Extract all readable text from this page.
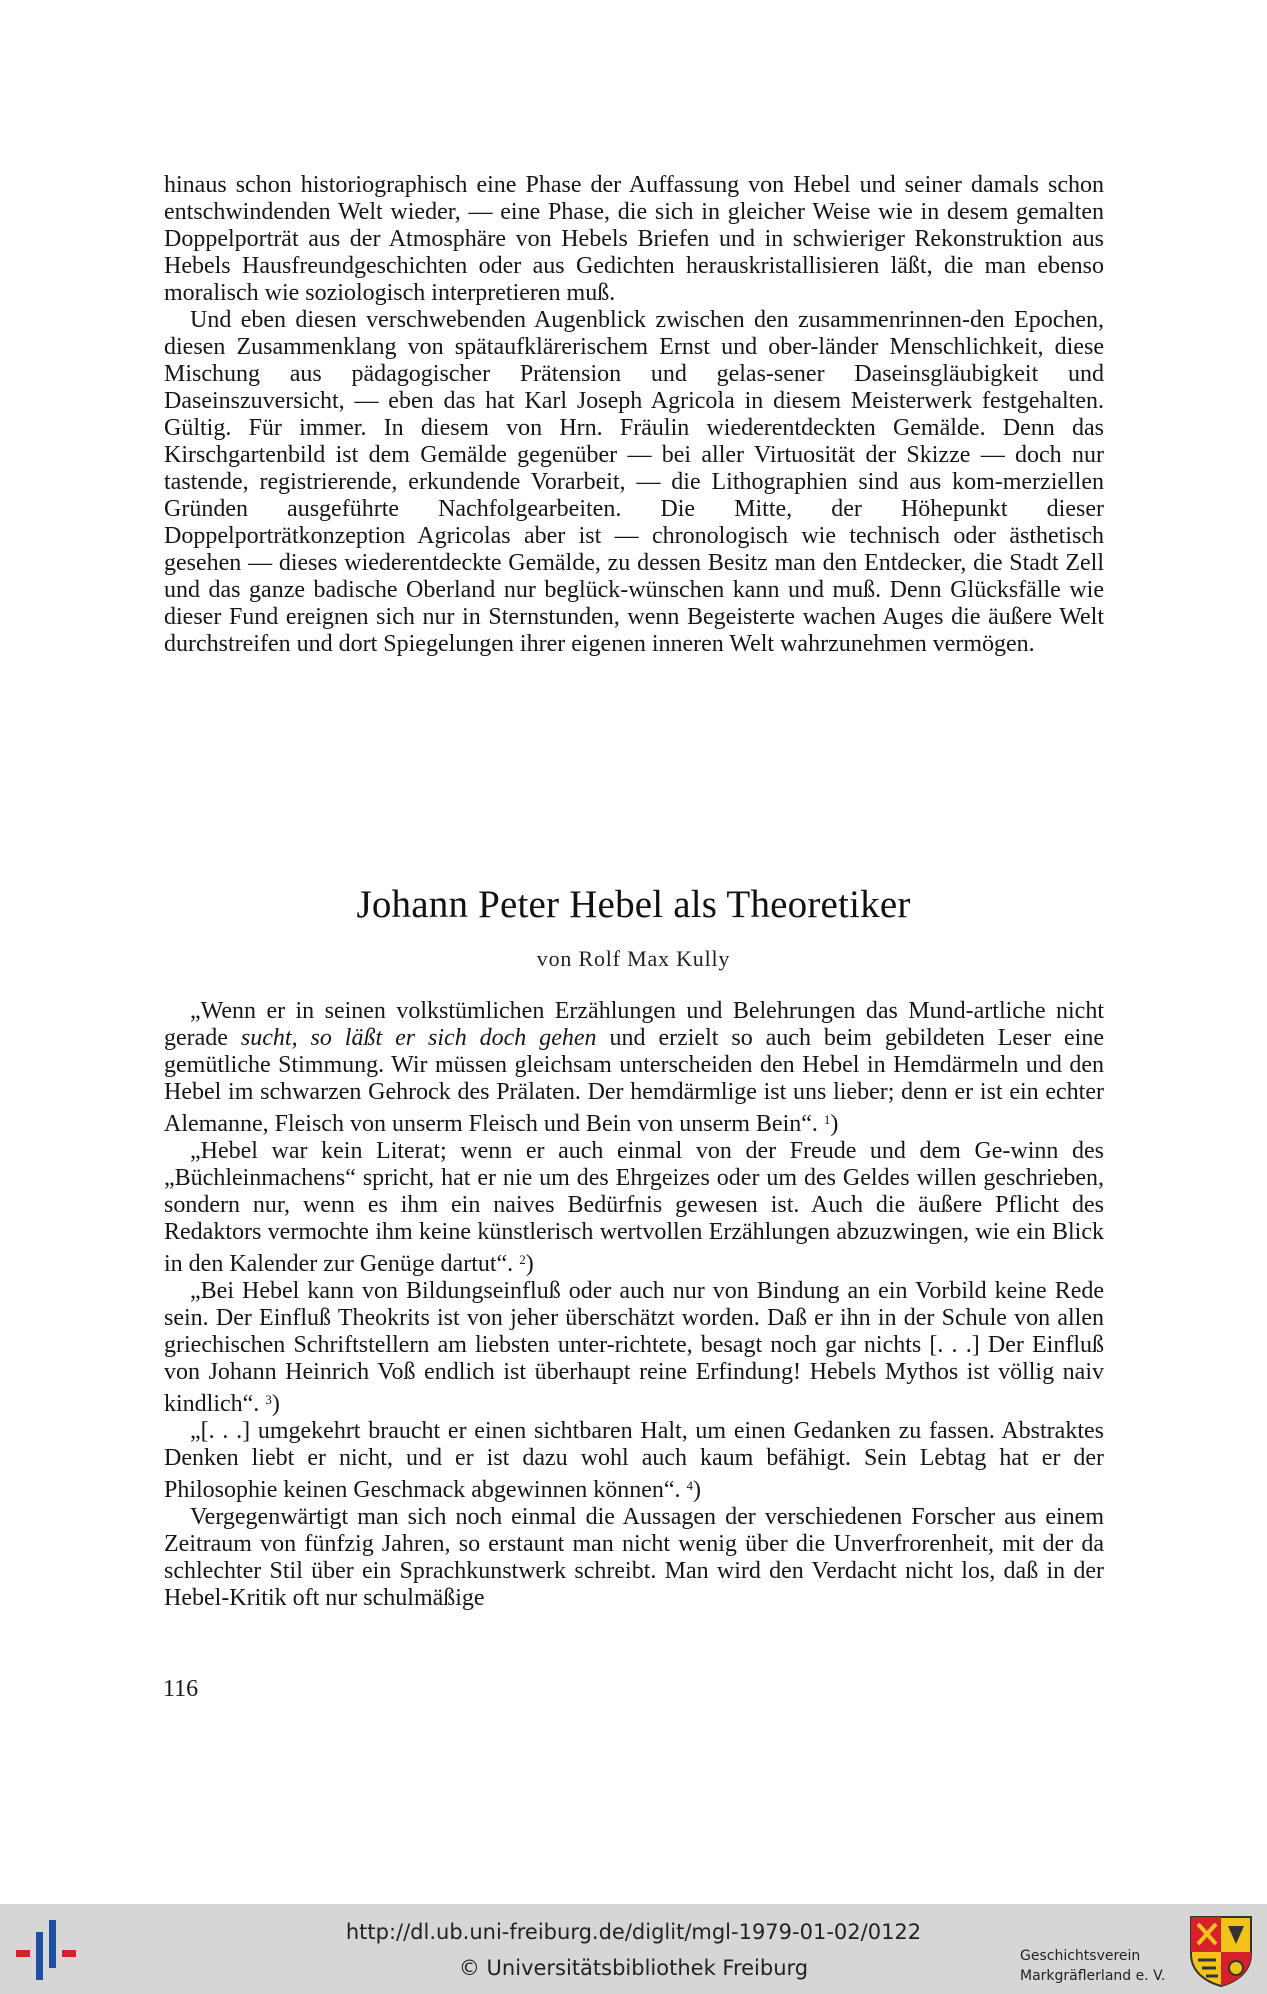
hinaus schon historiographisch eine Phase der Auffassung von Hebel und seiner damals schon entschwindenden Welt wieder, — eine Phase, die sich in gleicher Weise wie in desem gemalten Doppelporträt aus der Atmosphäre von Hebels Briefen und in schwieriger Rekonstruktion aus Hebels Hausfreundgeschichten oder aus Gedichten herauskristallisieren läßt, die man ebenso moralisch wie soziologisch interpretieren muß.

Und eben diesen verschwebenden Augenblick zwischen den zusammenrinnen-den Epochen, diesen Zusammenklang von spätaufklärerischem Ernst und ober-länder Menschlichkeit, diese Mischung aus pädagogischer Prätension und gelas-sener Daseinsgläubigkeit und Daseinszuversicht, — eben das hat Karl Joseph Agricola in diesem Meisterwerk festgehalten. Gültig. Für immer. In diesem von Hrn. Fräulin wiederentdeckten Gemälde. Denn das Kirschgartenbild ist dem Gemälde gegenüber — bei aller Virtuosität der Skizze — doch nur tastende, registrierende, erkundende Vorarbeit, — die Lithographien sind aus kom-merziellen Gründen ausgeführte Nachfolgearbeiten. Die Mitte, der Höhepunkt dieser Doppelporträtkonzeption Agricolas aber ist — chronologisch wie technisch oder ästhetisch gesehen — dieses wiederentdeckte Gemälde, zu dessen Besitz man den Entdecker, die Stadt Zell und das ganze badische Oberland nur beglück-wünschen kann und muß. Denn Glücksfälle wie dieser Fund ereignen sich nur in Sternstunden, wenn Begeisterte wachen Auges die äußere Welt durchstreifen und dort Spiegelungen ihrer eigenen inneren Welt wahrzunehmen vermögen.

Johann Peter Hebel als Theoretiker
von Rolf Max Kully

„Wenn er in seinen volkstümlichen Erzählungen und Belehrungen das Mund-artliche nicht gerade sucht, so läßt er sich doch gehen und erzielt so auch beim gebildeten Leser eine gemütliche Stimmung. Wir müssen gleichsam unterscheiden den Hebel in Hemdärmeln und den Hebel im schwarzen Gehrock des Prälaten. Der hemdärmlige ist uns lieber; denn er ist ein echter Alemanne, Fleisch von unserm Fleisch und Bein von unserm Bein“. $^1$)

„Hebel war kein Literat; wenn er auch einmal von der Freude und dem Ge-winn des „Büchleinmachens“ spricht, hat er nie um des Ehrgeizes oder um des Geldes willen geschrieben, sondern nur, wenn es ihm ein naives Bedürfnis gewesen ist. Auch die äußere Pflicht des Redaktors vermochte ihm keine künstlerisch wertvollen Erzählungen abzuzwingen, wie ein Blick in den Kalender zur Genüge dartut“. $^2$)

„Bei Hebel kann von Bildungseinfluß oder auch nur von Bindung an ein Vorbild keine Rede sein. Der Einfluß Theokrits ist von jeher überschätzt worden. Daß er ihn in der Schule von allen griechischen Schriftstellern am liebsten unter-richtete, besagt noch gar nichts [. . .] Der Einfluß von Johann Heinrich Voß endlich ist überhaupt reine Erfindung! Hebels Mythos ist völlig naiv kindlich“. $^3$)

„[. . .] umgekehrt braucht er einen sichtbaren Halt, um einen Gedanken zu fassen. Abstraktes Denken liebt er nicht, und er ist dazu wohl auch kaum befähigt. Sein Lebtag hat er der Philosophie keinen Geschmack abgewinnen können“. $^4$)

Vergegenwärtigt man sich noch einmal die Aussagen der verschiedenen Forscher aus einem Zeitraum von fünfzig Jahren, so erstaunt man nicht wenig über die Unverfrorenheit, mit der da schlechter Stil über ein Sprachkunstwerk schreibt. Man wird den Verdacht nicht los, daß in der Hebel-Kritik oft nur schulmäßige

116
http://dl.ub.uni-freiburg.de/diglit/mgl-1979-01-02/0122
© Universitätsbibliothek Freiburg	Geschichtsverein
Markgräflerland e. V.
